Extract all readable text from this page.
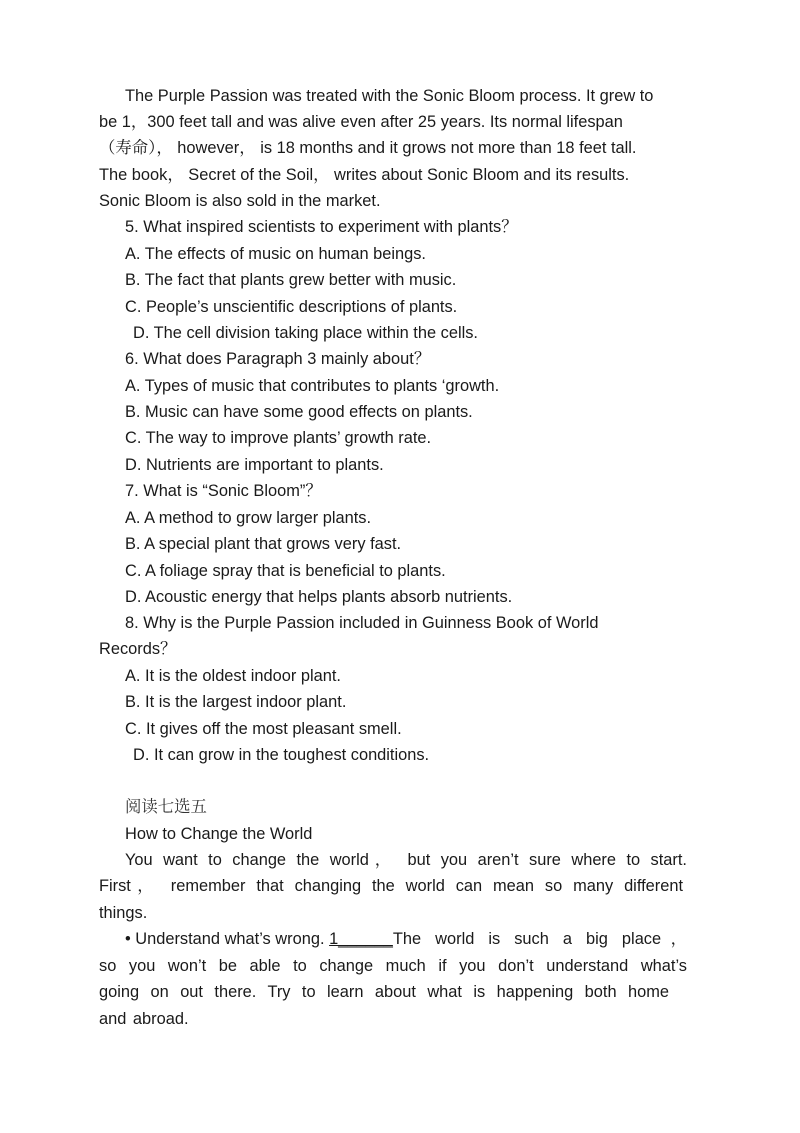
The Purple Passion was treated with the Sonic Bloom process. It grew to
be 1，300 feet tall and was alive even after 25 years. Its normal lifespan
（寿命）， however， is 18 months and it grows not more than 18 feet tall.
The book， Secret of the Soil， writes about Sonic Bloom and its results.
Sonic Bloom is also sold in the market.
5. What inspired scientists to experiment with plants？
A. The effects of music on human beings.
B. The fact that plants grew better with music.
C. People’s unscientific descriptions of plants.
D. The cell division taking place within the cells.
6. What does Paragraph 3 mainly about？
A. Types of music that contributes to plants ‘growth.
B. Music can have some good effects on plants.
C. The way to improve plants’ growth rate.
D. Nutrients are important to plants.
7. What is “Sonic Bloom”？
A. A method to grow larger plants.
B. A special plant that grows very fast.
C. A foliage spray that is beneficial to plants.
D. Acoustic energy that helps plants absorb nutrients.
8. Why is the Purple Passion included in Guinness Book of World
Records？
A. It is the oldest indoor plant.
B. It is the largest indoor plant.
C. It gives off the most pleasant smell.
D. It can grow in the toughest conditions.
阅读七选五
How to Change the World
You want to change the world， but you aren’t sure where to start.
First， remember that changing the world can mean so many different
things.
• Understand what’s wrong. 1______ The world is such a big place，
so you won’t be able to change much if you don’t understand what’s
going on out there. Try to learn about what is happening both home
and abroad.
